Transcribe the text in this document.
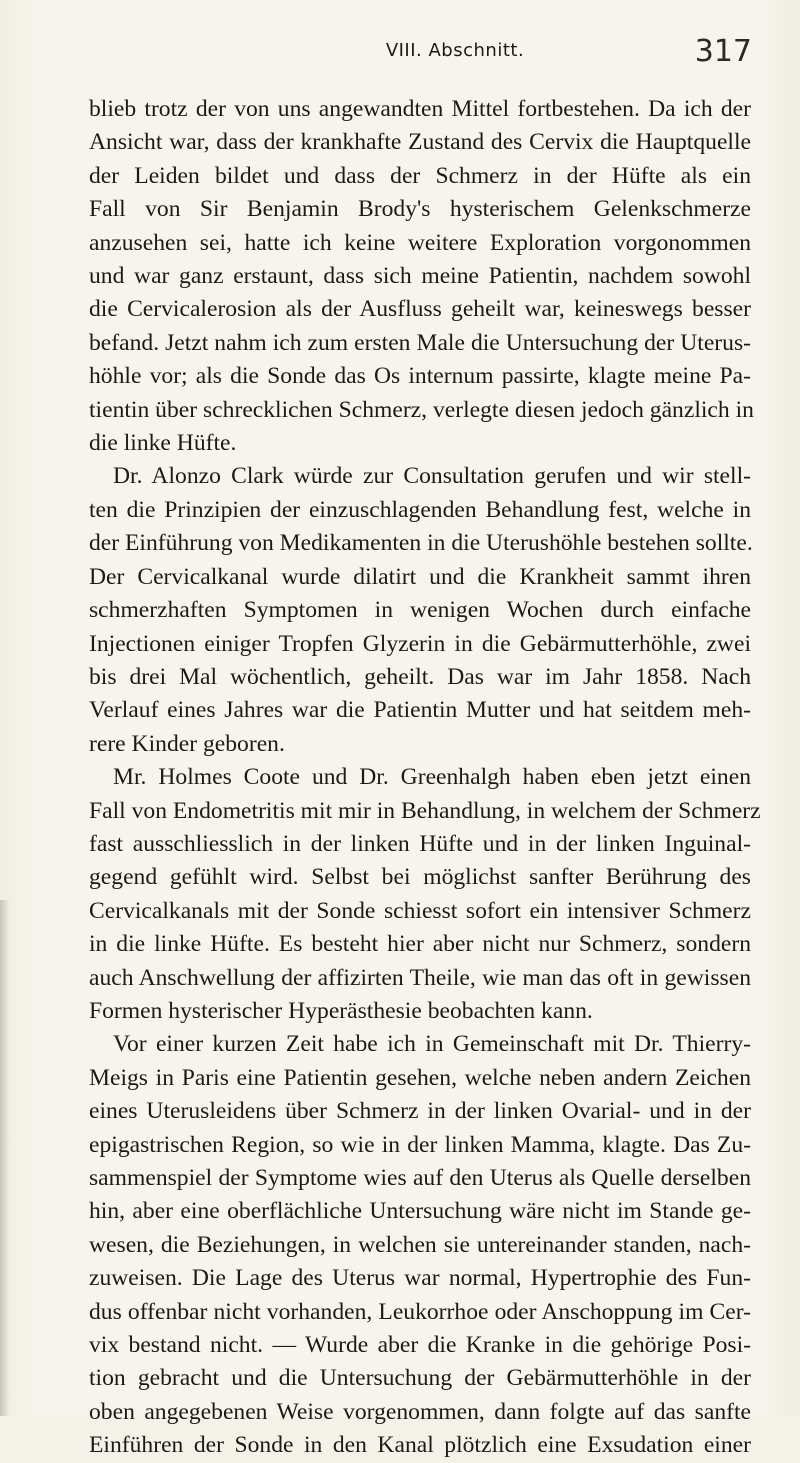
VIII. Abschnitt.	317

blieb trotz der von uns angewandten Mittel fortbestehen. Da ich der

Ansicht war, dass der krankhafte Zustand des Cervix die Hauptquelle

der Leiden bildet und dass der Schmerz in der Hüfte als ein

Fall von Sir Benjamin Brody's hysterischem Gelenkschmerze

anzusehen sei, hatte ich keine weitere Exploration vorgonommen

und war ganz erstaunt, dass sich meine Patientin, nachdem sowohl

die Cervicalerosion als der Ausfluss geheilt war, keineswegs besser

befand. Jetzt nahm ich zum ersten Male die Untersuchung der Uterus-

höhle vor; als die Sonde das Os internum passirte, klagte meine Pa-

tientin über schrecklichen Schmerz, verlegte diesen jedoch gänzlich in

die linke Hüfte.

Dr. Alonzo Clark würde zur Consultation gerufen und wir stell-

ten die Prinzipien der einzuschlagenden Behandlung fest, welche in

der Einführung von Medikamenten in die Uterushöhle bestehen sollte.

Der Cervicalkanal wurde dilatirt und die Krankheit sammt ihren

schmerzhaften Symptomen in wenigen Wochen durch einfache

Injectionen einiger Tropfen Glyzerin in die Gebärmutterhöhle, zwei

bis drei Mal wöchentlich, geheilt. Das war im Jahr 1858. Nach

Verlauf eines Jahres war die Patientin Mutter und hat seitdem meh-

rere Kinder geboren.

Mr. Holmes Coote und Dr. Greenhalgh haben eben jetzt einen

Fall von Endometritis mit mir in Behandlung, in welchem der Schmerz

fast ausschliesslich in der linken Hüfte und in der linken Inguinal-

gegend gefühlt wird. Selbst bei möglichst sanfter Berührung des

Cervicalkanals mit der Sonde schiesst sofort ein intensiver Schmerz

in die linke Hüfte. Es besteht hier aber nicht nur Schmerz, sondern

auch Anschwellung der affizirten Theile, wie man das oft in gewissen

Formen hysterischer Hyperästhesie beobachten kann.

Vor einer kurzen Zeit habe ich in Gemeinschaft mit Dr. Thierry-

Meigs in Paris eine Patientin gesehen, welche neben andern Zeichen

eines Uterusleidens über Schmerz in der linken Ovarial- und in der

epigastrischen Region, so wie in der linken Mamma, klagte. Das Zu-

sammenspiel der Symptome wies auf den Uterus als Quelle derselben

hin, aber eine oberflächliche Untersuchung wäre nicht im Stande ge-

wesen, die Beziehungen, in welchen sie untereinander standen, nach-

zuweisen. Die Lage des Uterus war normal, Hypertrophie des Fun-

dus offenbar nicht vorhanden, Leukorrhoe oder Anschoppung im Cer-

vix bestand nicht. — Wurde aber die Kranke in die gehörige Posi-

tion gebracht und die Untersuchung der Gebärmutterhöhle in der

oben angegebenen Weise vorgenommen, dann folgte auf das sanfte

Einführen der Sonde in den Kanal plötzlich eine Exsudation einer
